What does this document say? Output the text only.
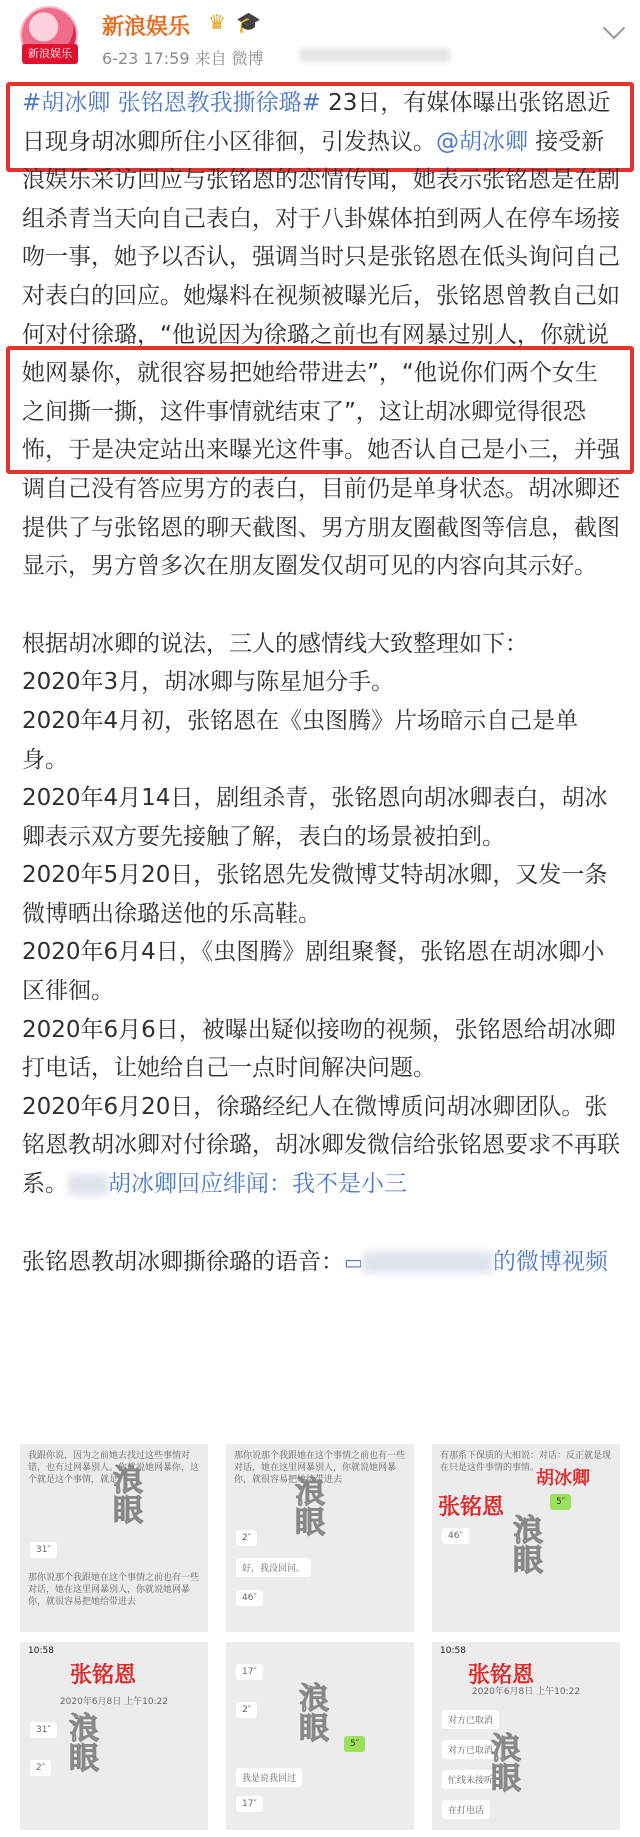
新浪娱乐
新浪娱乐 ♛ 🎓
6-23 17:59 来自 微博

#胡冰卿 张铭恩教我撕徐璐# 23日，有媒体曝出张铭恩近日现身胡冰卿所住小区徘徊，引发热议。@胡冰卿 接受新浪娱乐采访回应与张铭恩的恋情传闻，她表示张铭恩是在剧组杀青当天向自己表白，对于八卦媒体拍到两人在停车场接吻一事，她予以否认，强调当时只是张铭恩在低头询问自己对表白的回应。她爆料在视频被曝光后，张铭恩曾教自己如何对付徐璐，“他说因为徐璐之前也有网暴过别人，你就说她网暴你，就很容易把她给带进去”，“他说你们两个女生之间撕一撕，这件事情就结束了”，这让胡冰卿觉得很恐怖，于是决定站出来曝光这件事。她否认自己是小三，并强调自己没有答应男方的表白，目前仍是单身状态。胡冰卿还提供了与张铭恩的聊天截图、男方朋友圈截图等信息，截图显示，男方曾多次在朋友圈发仅胡可见的内容向其示好。

根据胡冰卿的说法，三人的感情线大致整理如下：

2020年3月，胡冰卿与陈星旭分手。

2020年4月初，张铭恩在《虫图腾》片场暗示自己是单身。

2020年4月14日，剧组杀青，张铭恩向胡冰卿表白，胡冰卿表示双方要先接触了解，表白的场景被拍到。

2020年5月20日，张铭恩先发微博艾特胡冰卿，又发一条微博晒出徐璐送他的乐高鞋。

2020年6月4日，《虫图腾》剧组聚餐，张铭恩在胡冰卿小区徘徊。

2020年6月6日，被曝出疑似接吻的视频，张铭恩给胡冰卿打电话，让她给自己一点时间解决问题。

2020年6月20日，徐璐经纪人在微博质问胡冰卿团队。张铭恩教胡冰卿对付徐璐，胡冰卿发微信给张铭恩要求不再联系。 胡冰卿回应绯闻：我不是小三

张铭恩教胡冰卿撕徐璐的语音：▭	的微博视频

我跟你说，因为之前她去找过这些事情对错，也有过网暴别人。你就说她网暴你，这个就是这个事情，就是
31″
那你说那个我跟她在这个事情之前也有一些对话，她在这里网暴别人，你就说她网暴你，就很容易把她给带进去
浪眼
那你说那个我跟她在这个事情之前也有一些对话，她在这里网暴别人，你就说她网暴你，就很容易把她给带进去
2″
好，我没回问。
46″
浪眼
有那系下保质的大相说：对话：反正就是现在只是这件事情的事情。
胡冰卿
张铭恩	5″
46″ 浪眼
10:58
张铭恩
2020年6月8日 上午10:22
31″
2″ 浪眼
17″
2″
5″
我是说我回过
17″
浪眼
10:58
张铭恩
2020年6月8日 上午10:22
对方已取消
对方已取消
忙线未接听
在打电话
浪眼
